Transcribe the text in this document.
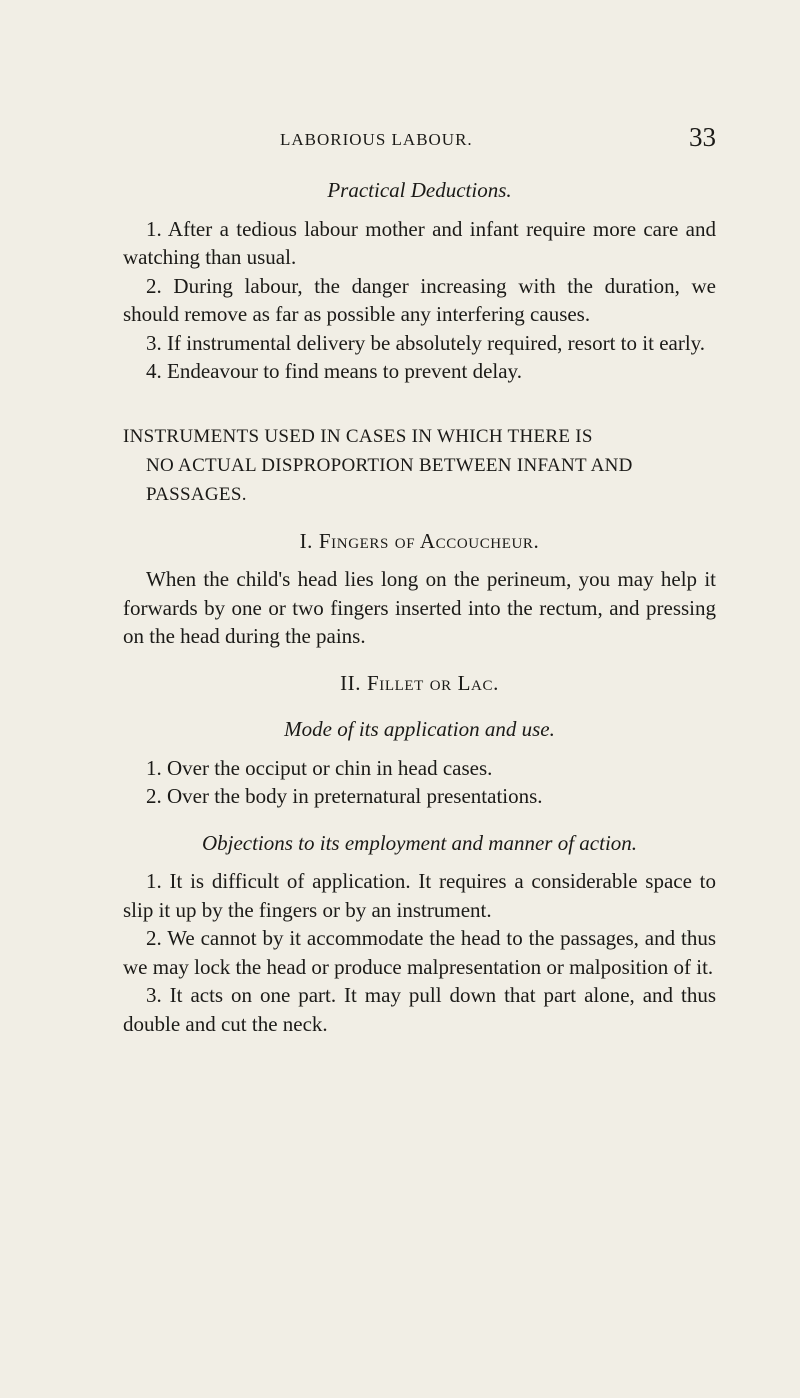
LABORIOUS LABOUR.	33

Practical Deductions.

1. After a tedious labour mother and infant require more care and watching than usual.

2. During labour, the danger increasing with the duration, we should remove as far as possible any interfering causes.

3. If instrumental delivery be absolutely required, resort to it early.

4. Endeavour to find means to prevent delay.

INSTRUMENTS USED IN CASES IN WHICH THERE IS
NO ACTUAL DISPROPORTION BETWEEN INFANT AND PASSAGES.

I. Fingers of Accoucheur.

When the child's head lies long on the perineum, you may help it forwards by one or two fingers inserted into the rectum, and pressing on the head during the pains.

II. Fillet or Lac.

Mode of its application and use.

1. Over the occiput or chin in head cases.

2. Over the body in preternatural presentations.

Objections to its employment and manner of action.

1. It is difficult of application. It requires a considerable space to slip it up by the fingers or by an instrument.

2. We cannot by it accommodate the head to the passages, and thus we may lock the head or produce malpresentation or malposition of it.

3. It acts on one part. It may pull down that part alone, and thus double and cut the neck.
